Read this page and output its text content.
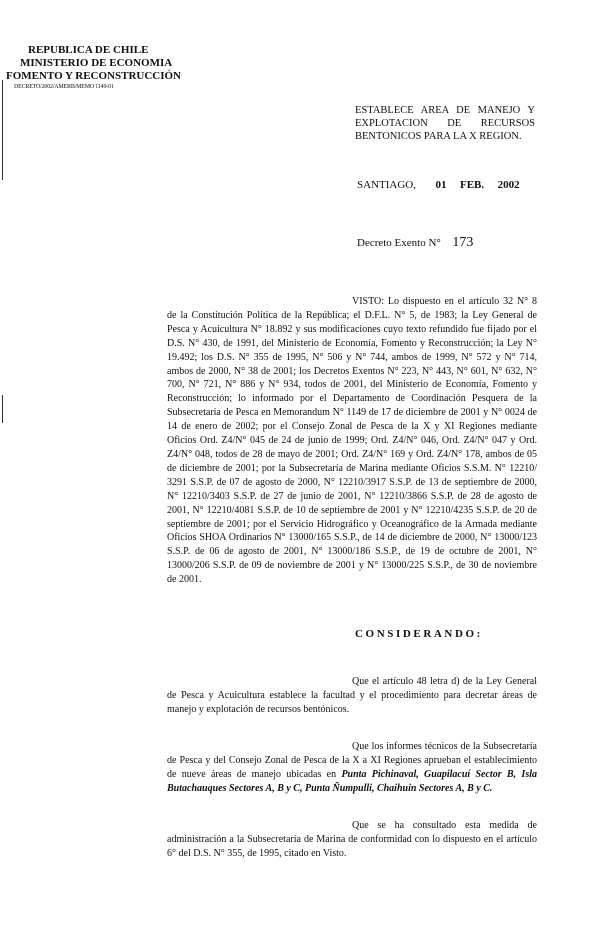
REPUBLICA DE CHILE
MINISTERIO DE ECONOMIA
FOMENTO Y RECONSTRUCCIÓN
DECRETO/2002/AMERB/MEMO 1149-01
ESTABLECE AREA DE MANEJO Y
EXPLOTACION DE RECURSOS
BENTONICOS PARA LA X REGION.
SANTIAGO, 01 FEB. 2002
Decreto Exento N° 173
VISTO: Lo dispuesto en el artículo 32 N° 8 de la Constitución Política de la República; el D.F.L. N° 5, de 1983; la Ley General de Pesca y Acuicultura N° 18.892 y sus modificaciones cuyo texto refundido fue fijado por el D.S. N° 430, de 1991, del Ministerio de Economía, Fomento y Reconstrucción; la Ley N° 19.492; los D.S. N° 355 de 1995, N° 506 y N° 744, ambos de 1999, N° 572 y N° 714, ambos de 2000, N° 38 de 2001; los Decretos Exentos N° 223, N° 443, N° 601, N° 632, N° 700, N° 721, N° 886 y N° 934, todos de 2001, del Ministerio de Economía, Fomento y Reconstrucción; lo informado por el Departamento de Coordinación Pesquera de la Subsecretaría de Pesca en Memorandum N° 1149 de 17 de diciembre de 2001 y N° 0024 de 14 de enero de 2002; por el Consejo Zonal de Pesca de la X y XI Regiones mediante Oficios Ord. Z4/N° 045 de 24 de junio de 1999; Ord. Z4/N° 046, Ord. Z4/N° 047 y Ord. Z4/N° 048, todos de 28 de mayo de 2001; Ord. Z4/N° 169 y Ord. Z4/N° 178, ambos de 05 de diciembre de 2001; por la Subsecretaría de Marina mediante Oficios S.S.M. N° 12210/ 3291 S.S.P. de 07 de agosto de 2000, N° 12210/3917 S.S.P. de 13 de septiembre de 2000, N° 12210/3403 S.S.P. de 27 de junio de 2001, N° 12210/3866 S.S.P. de 28 de agosto de 2001, N° 12210/4081 S.S.P. de 10 de septiembre de 2001 y N° 12210/4235 S.S.P. de 20 de septiembre de 2001; por el Servicio Hidrográfico y Oceanográfico de la Armada mediante Oficios SHOA Ordinarios N° 13000/165 S.S.P., de 14 de diciembre de 2000, N° 13000/123 S.S.P. de 06 de agosto de 2001, N° 13000/186 S.S.P., de 19 de octubre de 2001, N° 13000/206 S.S.P. de 09 de noviembre de 2001 y N° 13000/225 S.S.P., de 30 de noviembre de 2001.
CONSIDERANDO:
Que el artículo 48 letra d) de la Ley General de Pesca y Acuicultura establece la facultad y el procedimiento para decretar áreas de manejo y explotación de recursos bentónicos.
Que los informes técnicos de la Subsecretaría de Pesca y del Consejo Zonal de Pesca de la X a XI Regiones aprueban el establecimiento de nueve áreas de manejo ubicadas en Punta Pichinaval, Guapilacuí Sector B, Isla Butachauques Sectores A, B y C, Punta Ñumpulli, Chaihuin Sectores A, B y C.
Que se ha consultado esta medida de administración a la Subsecretaría de Marina de conformidad con lo dispuesto en el artículo 6° del D.S. N° 355, de 1995, citado en Visto.
